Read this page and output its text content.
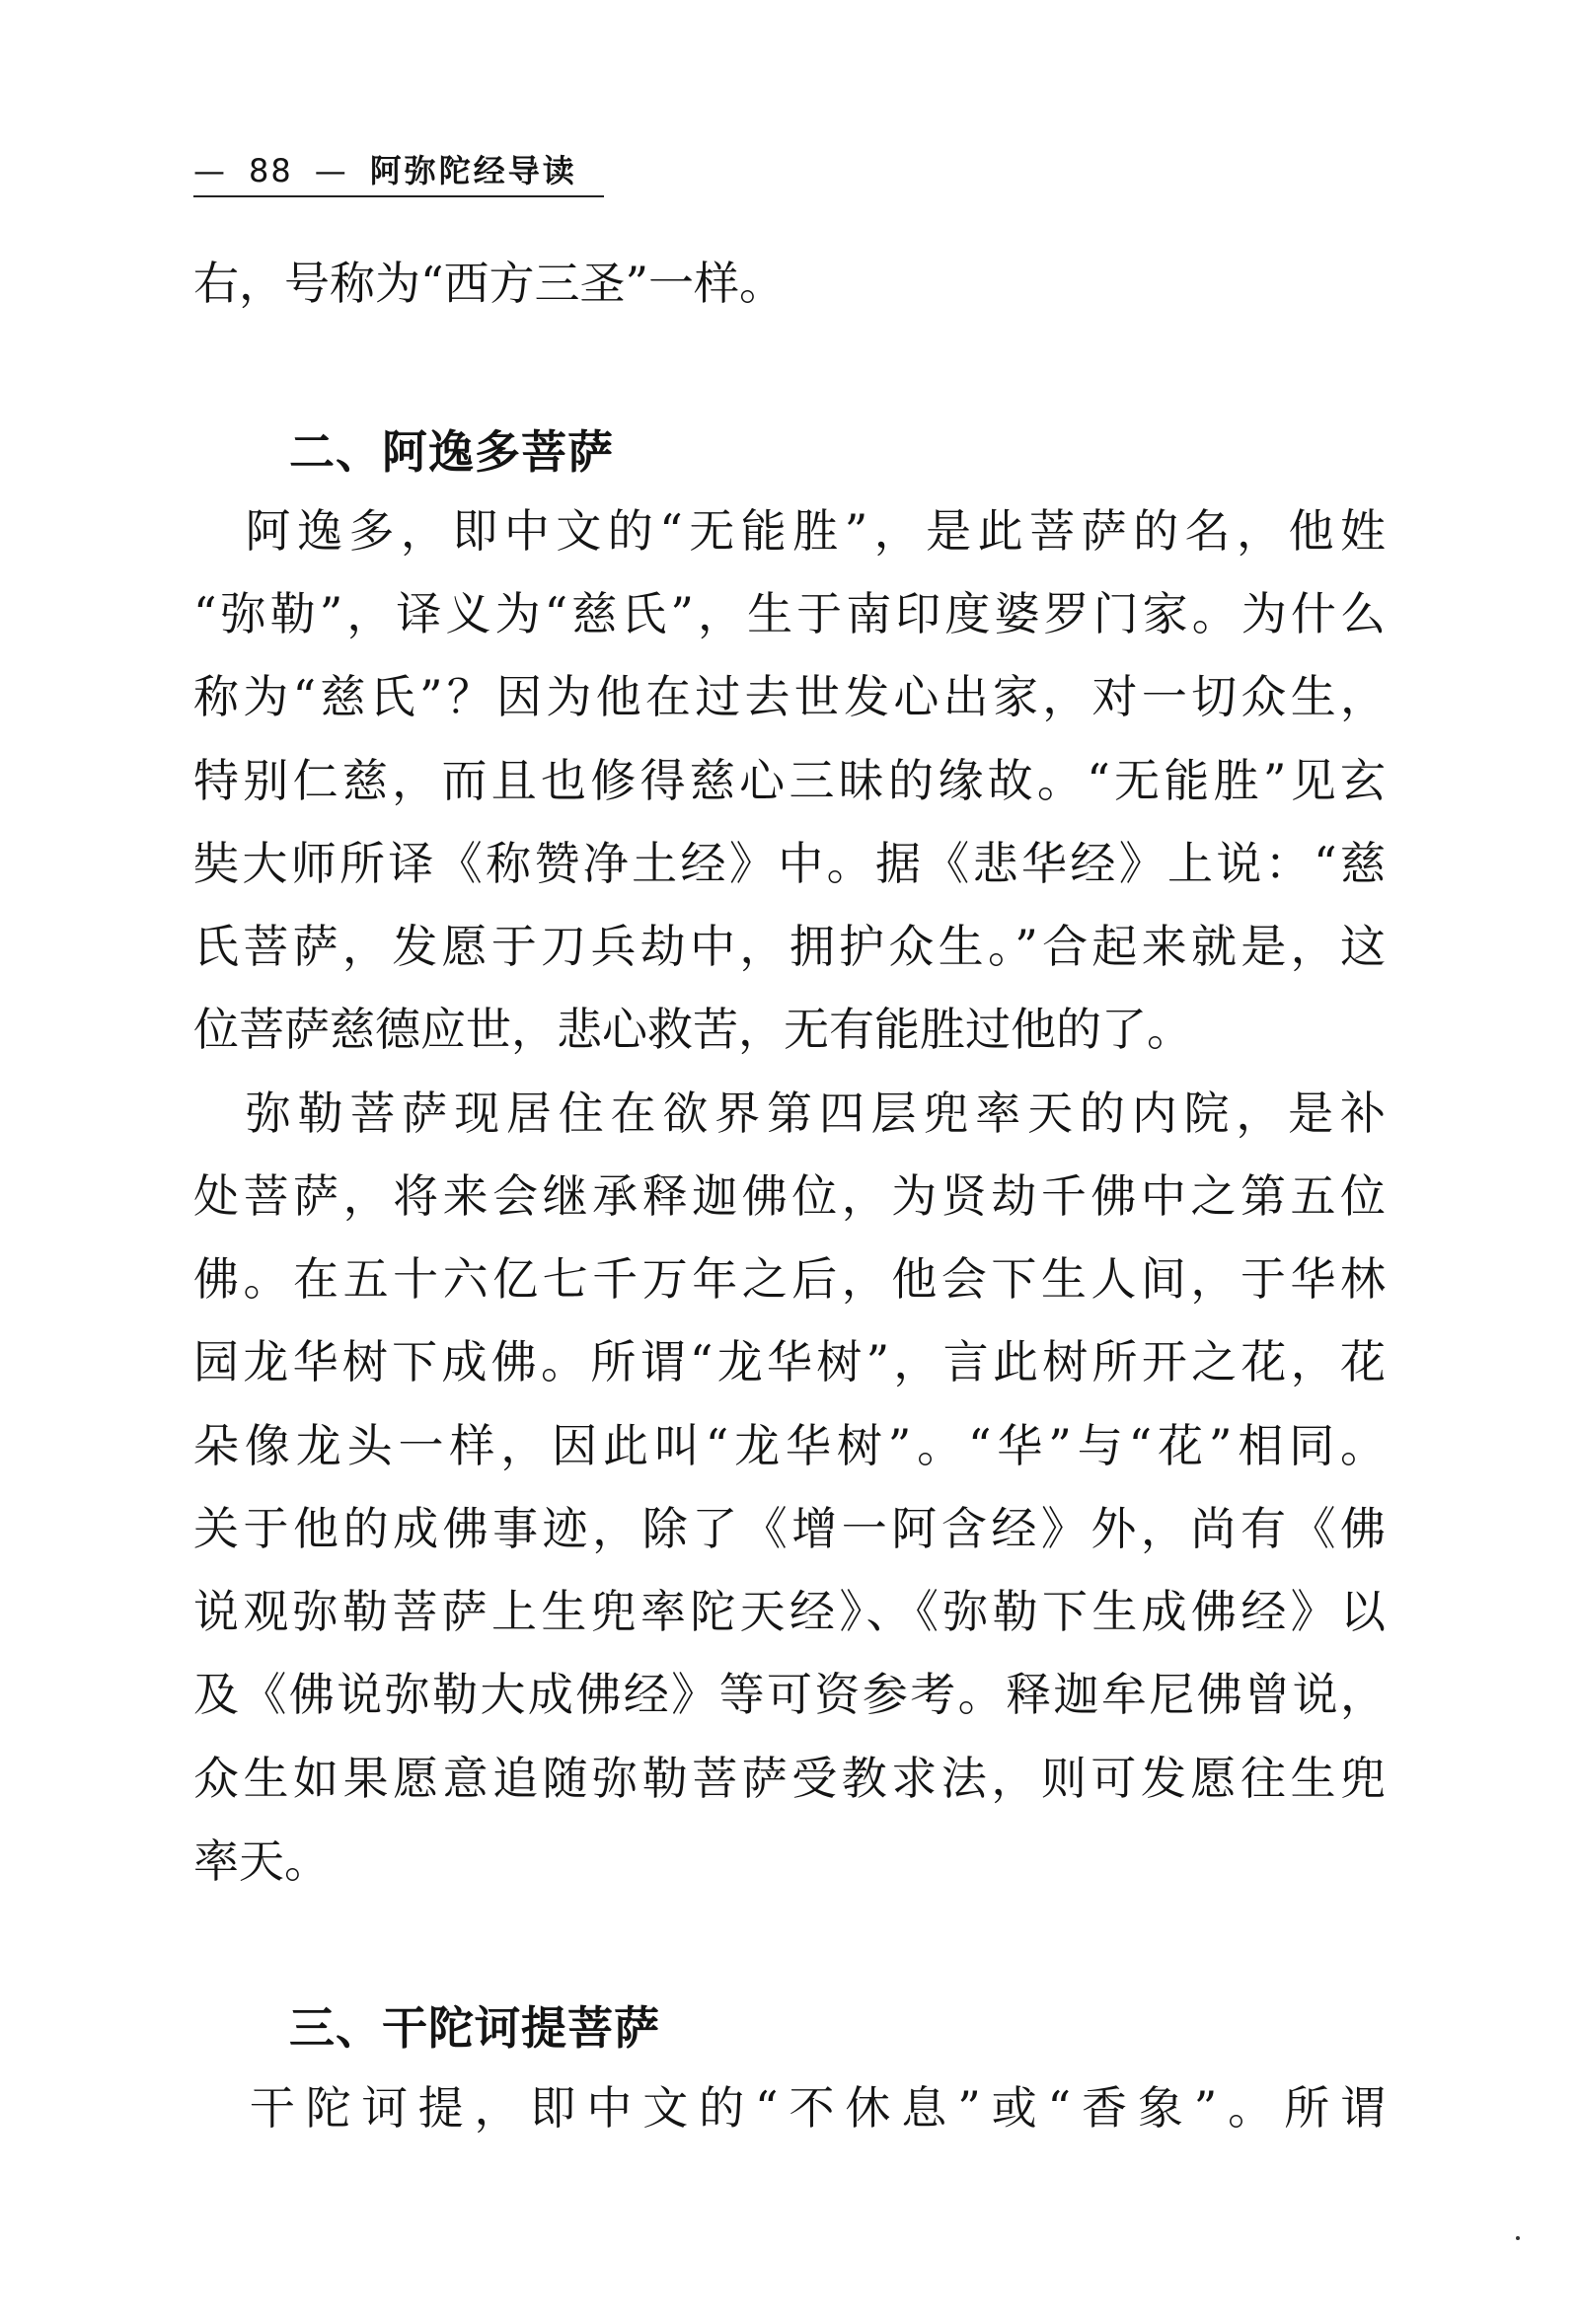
— 88 — 阿弥陀经导读
右，号称为“西方三圣”一样。
二、阿逸多菩萨
　阿逸多，即中文的“无能胜”，是此菩萨的名，他姓
“弥勒”，译义为“慈氏”，生于南印度婆罗门家。为什么
称为“慈氏”？因为他在过去世发心出家，对一切众生，
特别仁慈，而且也修得慈心三昧的缘故。“无能胜”见玄
奘大师所译《称赞净土经》中。据《悲华经》上说：“慈
氏菩萨，发愿于刀兵劫中，拥护众生。”合起来就是，这
位菩萨慈德应世，悲心救苦，无有能胜过他的了。
　弥勒菩萨现居住在欲界第四层兜率天的内院，是补
处菩萨，将来会继承释迦佛位，为贤劫千佛中之第五位
佛。在五十六亿七千万年之后，他会下生人间，于华林
园龙华树下成佛。所谓“龙华树”，言此树所开之花，花
朵像龙头一样，因此叫“龙华树”。“华”与“花”相同。
关于他的成佛事迹，除了《增一阿含经》外，尚有《佛
说观弥勒菩萨上生兜率陀天经》、《弥勒下生成佛经》以
及《佛说弥勒大成佛经》等可资参考。释迦牟尼佛曾说，
众生如果愿意追随弥勒菩萨受教求法，则可发愿往生兜
率天。
三、干陀诃提菩萨
　干陀诃提，即中文的“不休息”或“香象”。所谓
